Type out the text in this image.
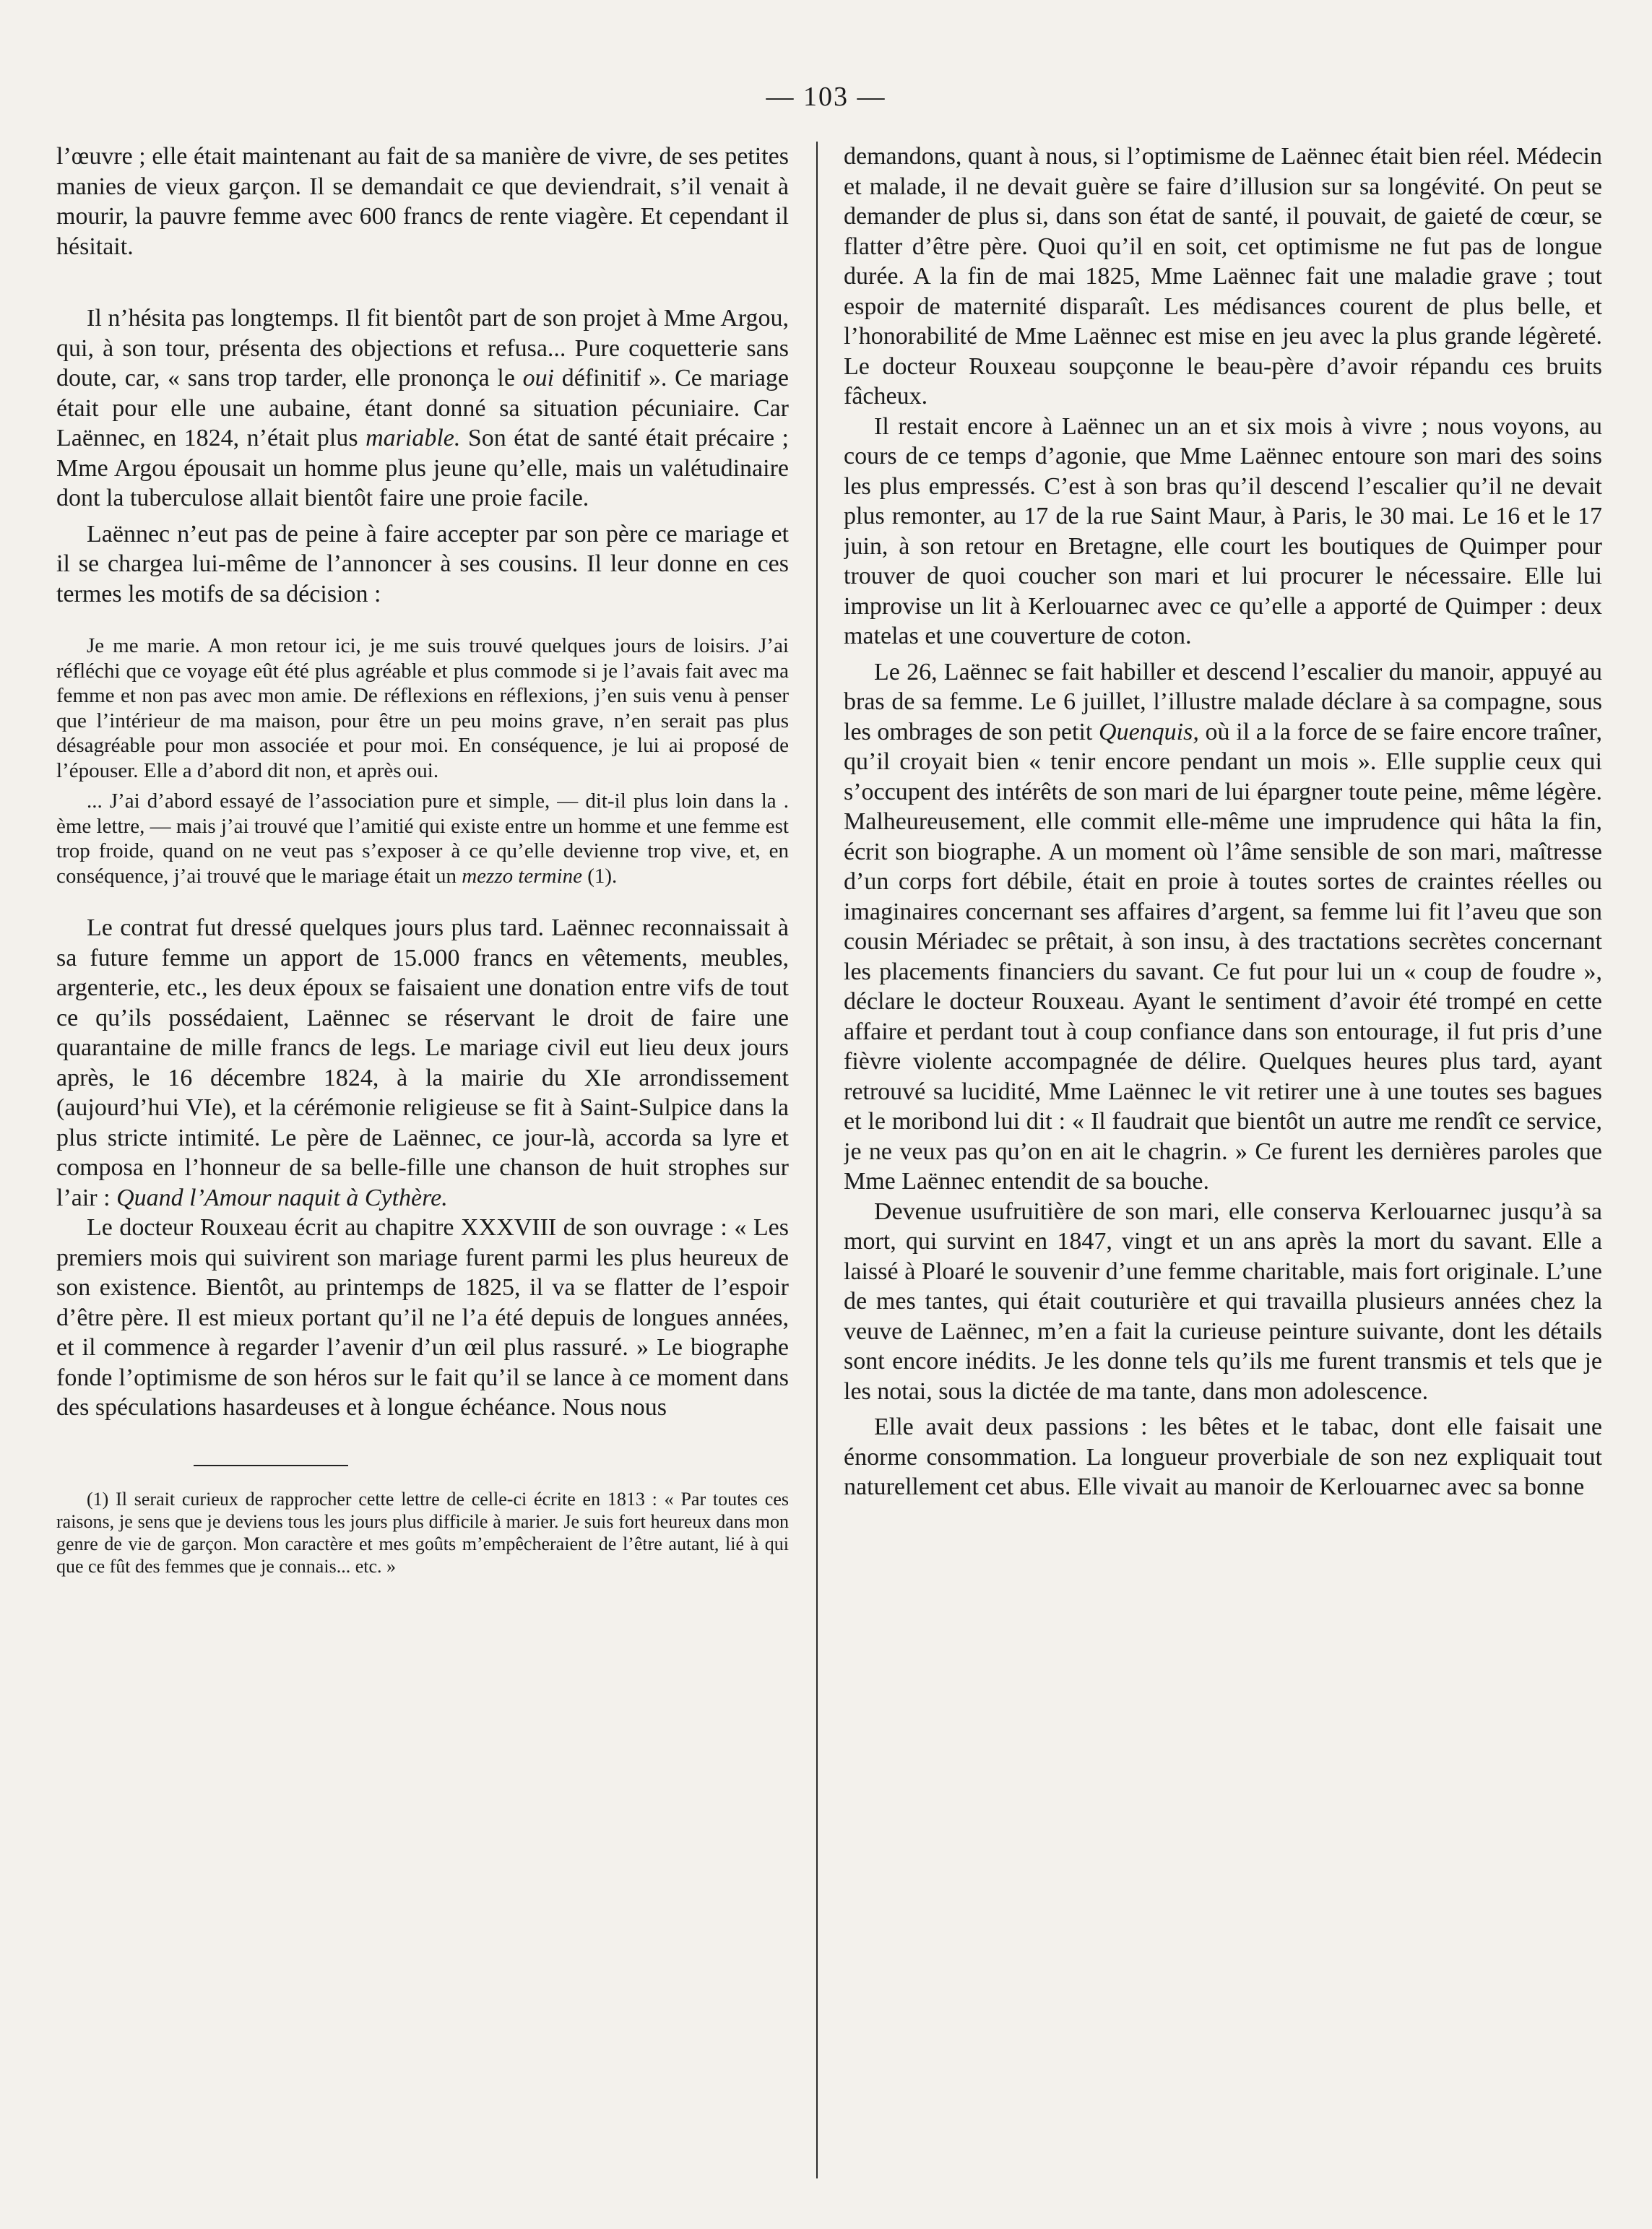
— 103 —

l’œuvre ; elle était maintenant au fait de sa manière de vivre, de ses petites manies de vieux garçon. Il se demandait ce que deviendrait, s’il venait à mourir, la pauvre femme avec 600 francs de rente viagère. Et cependant il hésitait.

Il n’hésita pas longtemps. Il fit bientôt part de son projet à Mme Argou, qui, à son tour, présenta des objections et refusa... Pure coquetterie sans doute, car, « sans trop tarder, elle prononça le oui définitif ». Ce mariage était pour elle une aubaine, étant donné sa situation pécuniaire. Car Laënnec, en 1824, n’était plus mariable. Son état de santé était précaire ; Mme Argou épousait un homme plus jeune qu’elle, mais un valétudinaire dont la tuberculose allait bientôt faire une proie facile.

Laënnec n’eut pas de peine à faire accepter par son père ce mariage et il se chargea lui-même de l’annoncer à ses cousins. Il leur donne en ces termes les motifs de sa décision :

Je me marie. A mon retour ici, je me suis trouvé quelques jours de loisirs. J’ai réfléchi que ce voyage eût été plus agréable et plus commode si je l’avais fait avec ma femme et non pas avec mon amie. De réflexions en réflexions, j’en suis venu à penser que l’intérieur de ma maison, pour être un peu moins grave, n’en serait pas plus désagréable pour mon associée et pour moi. En conséquence, je lui ai proposé de l’épouser. Elle a d’abord dit non, et après oui.

... J’ai d’abord essayé de l’association pure et simple, — dit-il plus loin dans la . ème lettre, — mais j’ai trouvé que l’amitié qui existe entre un homme et une femme est trop froide, quand on ne veut pas s’exposer à ce qu’elle devienne trop vive, et, en conséquence, j’ai trouvé que le mariage était un mezzo termine (1).

Le contrat fut dressé quelques jours plus tard. Laënnec reconnaissait à sa future femme un apport de 15.000 francs en vêtements, meubles, argenterie, etc., les deux époux se faisaient une donation entre vifs de tout ce qu’ils possédaient, Laënnec se réservant le droit de faire une quarantaine de mille francs de legs. Le mariage civil eut lieu deux jours après, le 16 décembre 1824, à la mairie du XIe arrondissement (aujourd’hui VIe), et la cérémonie religieuse se fit à Saint-Sulpice dans la plus stricte intimité. Le père de Laënnec, ce jour-là, accorda sa lyre et composa en l’honneur de sa belle-fille une chanson de huit strophes sur l’air : Quand l’Amour naquit à Cythère.

Le docteur Rouxeau écrit au chapitre XXXVIII de son ouvrage : « Les premiers mois qui suivirent son mariage furent parmi les plus heureux de son existence. Bientôt, au printemps de 1825, il va se flatter de l’espoir d’être père. Il est mieux portant qu’il ne l’a été depuis de longues années, et il commence à regarder l’avenir d’un œil plus rassuré. » Le biographe fonde l’optimisme de son héros sur le fait qu’il se lance à ce moment dans des spéculations hasardeuses et à longue échéance. Nous nous

(1) Il serait curieux de rapprocher cette lettre de celle-ci écrite en 1813 : « Par toutes ces raisons, je sens que je deviens tous les jours plus difficile à marier. Je suis fort heureux dans mon genre de vie de garçon. Mon caractère et mes goûts m’empêcheraient de l’être autant, lié à qui que ce fût des femmes que je connais... etc. »

demandons, quant à nous, si l’optimisme de Laënnec était bien réel. Médecin et malade, il ne devait guère se faire d’illusion sur sa longévité. On peut se demander de plus si, dans son état de santé, il pouvait, de gaieté de cœur, se flatter d’être père. Quoi qu’il en soit, cet optimisme ne fut pas de longue durée. A la fin de mai 1825, Mme Laënnec fait une maladie grave ; tout espoir de maternité disparaît. Les médisances courent de plus belle, et l’honorabilité de Mme Laënnec est mise en jeu avec la plus grande légèreté. Le docteur Rouxeau soupçonne le beau-père d’avoir répandu ces bruits fâcheux.

Il restait encore à Laënnec un an et six mois à vivre ; nous voyons, au cours de ce temps d’agonie, que Mme Laënnec entoure son mari des soins les plus empressés. C’est à son bras qu’il descend l’escalier qu’il ne devait plus remonter, au 17 de la rue Saint Maur, à Paris, le 30 mai. Le 16 et le 17 juin, à son retour en Bretagne, elle court les boutiques de Quimper pour trouver de quoi coucher son mari et lui procurer le nécessaire. Elle lui improvise un lit à Kerlouarnec avec ce qu’elle a apporté de Quimper : deux matelas et une couverture de coton.

Le 26, Laënnec se fait habiller et descend l’escalier du manoir, appuyé au bras de sa femme. Le 6 juillet, l’illustre malade déclare à sa compagne, sous les ombrages de son petit Quenquis, où il a la force de se faire encore traîner, qu’il croyait bien « tenir encore pendant un mois ». Elle supplie ceux qui s’occupent des intérêts de son mari de lui épargner toute peine, même légère. Malheureusement, elle commit elle-même une imprudence qui hâta la fin, écrit son biographe. A un moment où l’âme sensible de son mari, maîtresse d’un corps fort débile, était en proie à toutes sortes de craintes réelles ou imaginaires concernant ses affaires d’argent, sa femme lui fit l’aveu que son cousin Mériadec se prêtait, à son insu, à des tractations secrètes concernant les placements financiers du savant. Ce fut pour lui un « coup de foudre », déclare le docteur Rouxeau. Ayant le sentiment d’avoir été trompé en cette affaire et perdant tout à coup confiance dans son entourage, il fut pris d’une fièvre violente accompagnée de délire. Quelques heures plus tard, ayant retrouvé sa lucidité, Mme Laënnec le vit retirer une à une toutes ses bagues et le moribond lui dit : « Il faudrait que bientôt un autre me rendît ce service, je ne veux pas qu’on en ait le chagrin. » Ce furent les dernières paroles que Mme Laënnec entendit de sa bouche.

Devenue usufruitière de son mari, elle conserva Kerlouarnec jusqu’à sa mort, qui survint en 1847, vingt et un ans après la mort du savant. Elle a laissé à Ploaré le souvenir d’une femme charitable, mais fort originale. L’une de mes tantes, qui était couturière et qui travailla plusieurs années chez la veuve de Laënnec, m’en a fait la curieuse peinture suivante, dont les détails sont encore inédits. Je les donne tels qu’ils me furent transmis et tels que je les notai, sous la dictée de ma tante, dans mon adolescence.

Elle avait deux passions : les bêtes et le tabac, dont elle faisait une énorme consommation. La longueur proverbiale de son nez expliquait tout naturellement cet abus. Elle vivait au manoir de Kerlouarnec avec sa bonne
